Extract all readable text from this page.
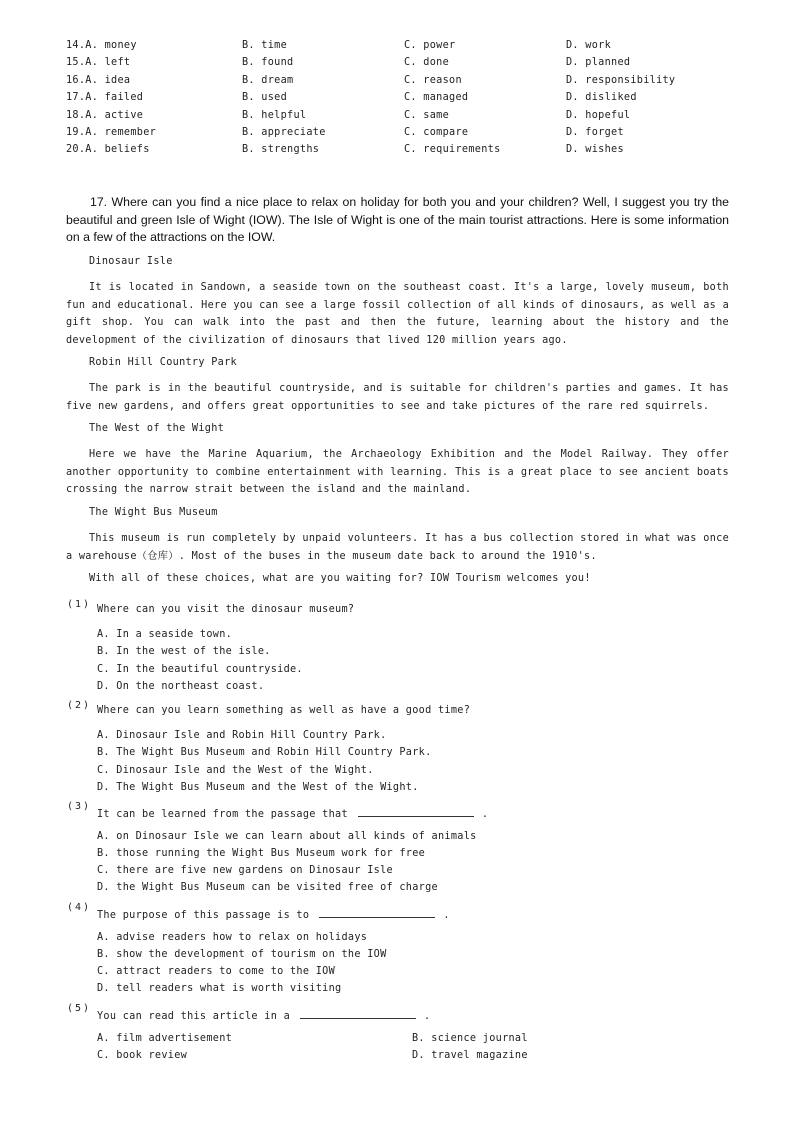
14.A. money	B. time	C. power	D. work
15.A. left	B. found	C. done	D. planned
16.A. idea	B. dream	C. reason	D. responsibility
17.A. failed	B. used	C. managed	D. disliked
18.A. active	B. helpful	C. same	D. hopeful
19.A. remember	B. appreciate	C. compare	D. forget
20.A. beliefs	B. strengths	C. requirements	D. wishes
17. Where can you find a nice place to relax on holiday for both you and your children? Well, I suggest you try the beautiful and green Isle of Wight (IOW). The Isle of Wight is one of the main tourist attractions. Here is some information on a few of the attractions on the IOW.
Dinosaur Isle
It is located in Sandown, a seaside town on the southeast coast. It's a large, lovely museum, both fun and educational. Here you can see a large fossil collection of all kinds of dinosaurs, as well as a gift shop. You can walk into the past and then the future, learning about the history and the development of the civilization of dinosaurs that lived 120 million years ago.
Robin Hill Country Park
The park is in the beautiful countryside, and is suitable for children's parties and games. It has five new gardens, and offers great opportunities to see and take pictures of the rare red squirrels.
The West of the Wight
Here we have the Marine Aquarium, the Archaeology Exhibition and the Model Railway. They offer another opportunity to combine entertainment with learning. This is a great place to see ancient boats crossing the narrow strait between the island and the mainland.
The Wight Bus Museum
This museum is run completely by unpaid volunteers. It has a bus collection stored in what was once a warehouse（仓库）. Most of the buses in the museum date back to around the 1910's.
With all of these choices, what are you waiting for? IOW Tourism welcomes you!
(1) Where can you visit the dinosaur museum?
A. In a seaside town.
B. In the west of the isle.
C. In the beautiful countryside.
D. On the northeast coast.
(2) Where can you learn something as well as have a good time?
A. Dinosaur Isle and Robin Hill Country Park.
B. The Wight Bus Museum and Robin Hill Country Park.
C. Dinosaur Isle and the West of the Wight.
D. The Wight Bus Museum and the West of the Wight.
(3)
It can be learned from the passage that	.
A. on Dinosaur Isle we can learn about all kinds of animals
B. those running the Wight Bus Museum work for free
C. there are five new gardens on Dinosaur Isle
D. the Wight Bus Museum can be visited free of charge
(4)
The purpose of this passage is to	.
A. advise readers how to relax on holidays
B. show the development of tourism on the IOW
C. attract readers to come to the IOW
D. tell readers what is worth visiting
(5)
You can read this article in a	.
A. film advertisement	B. science journal
C. book review	D. travel magazine
